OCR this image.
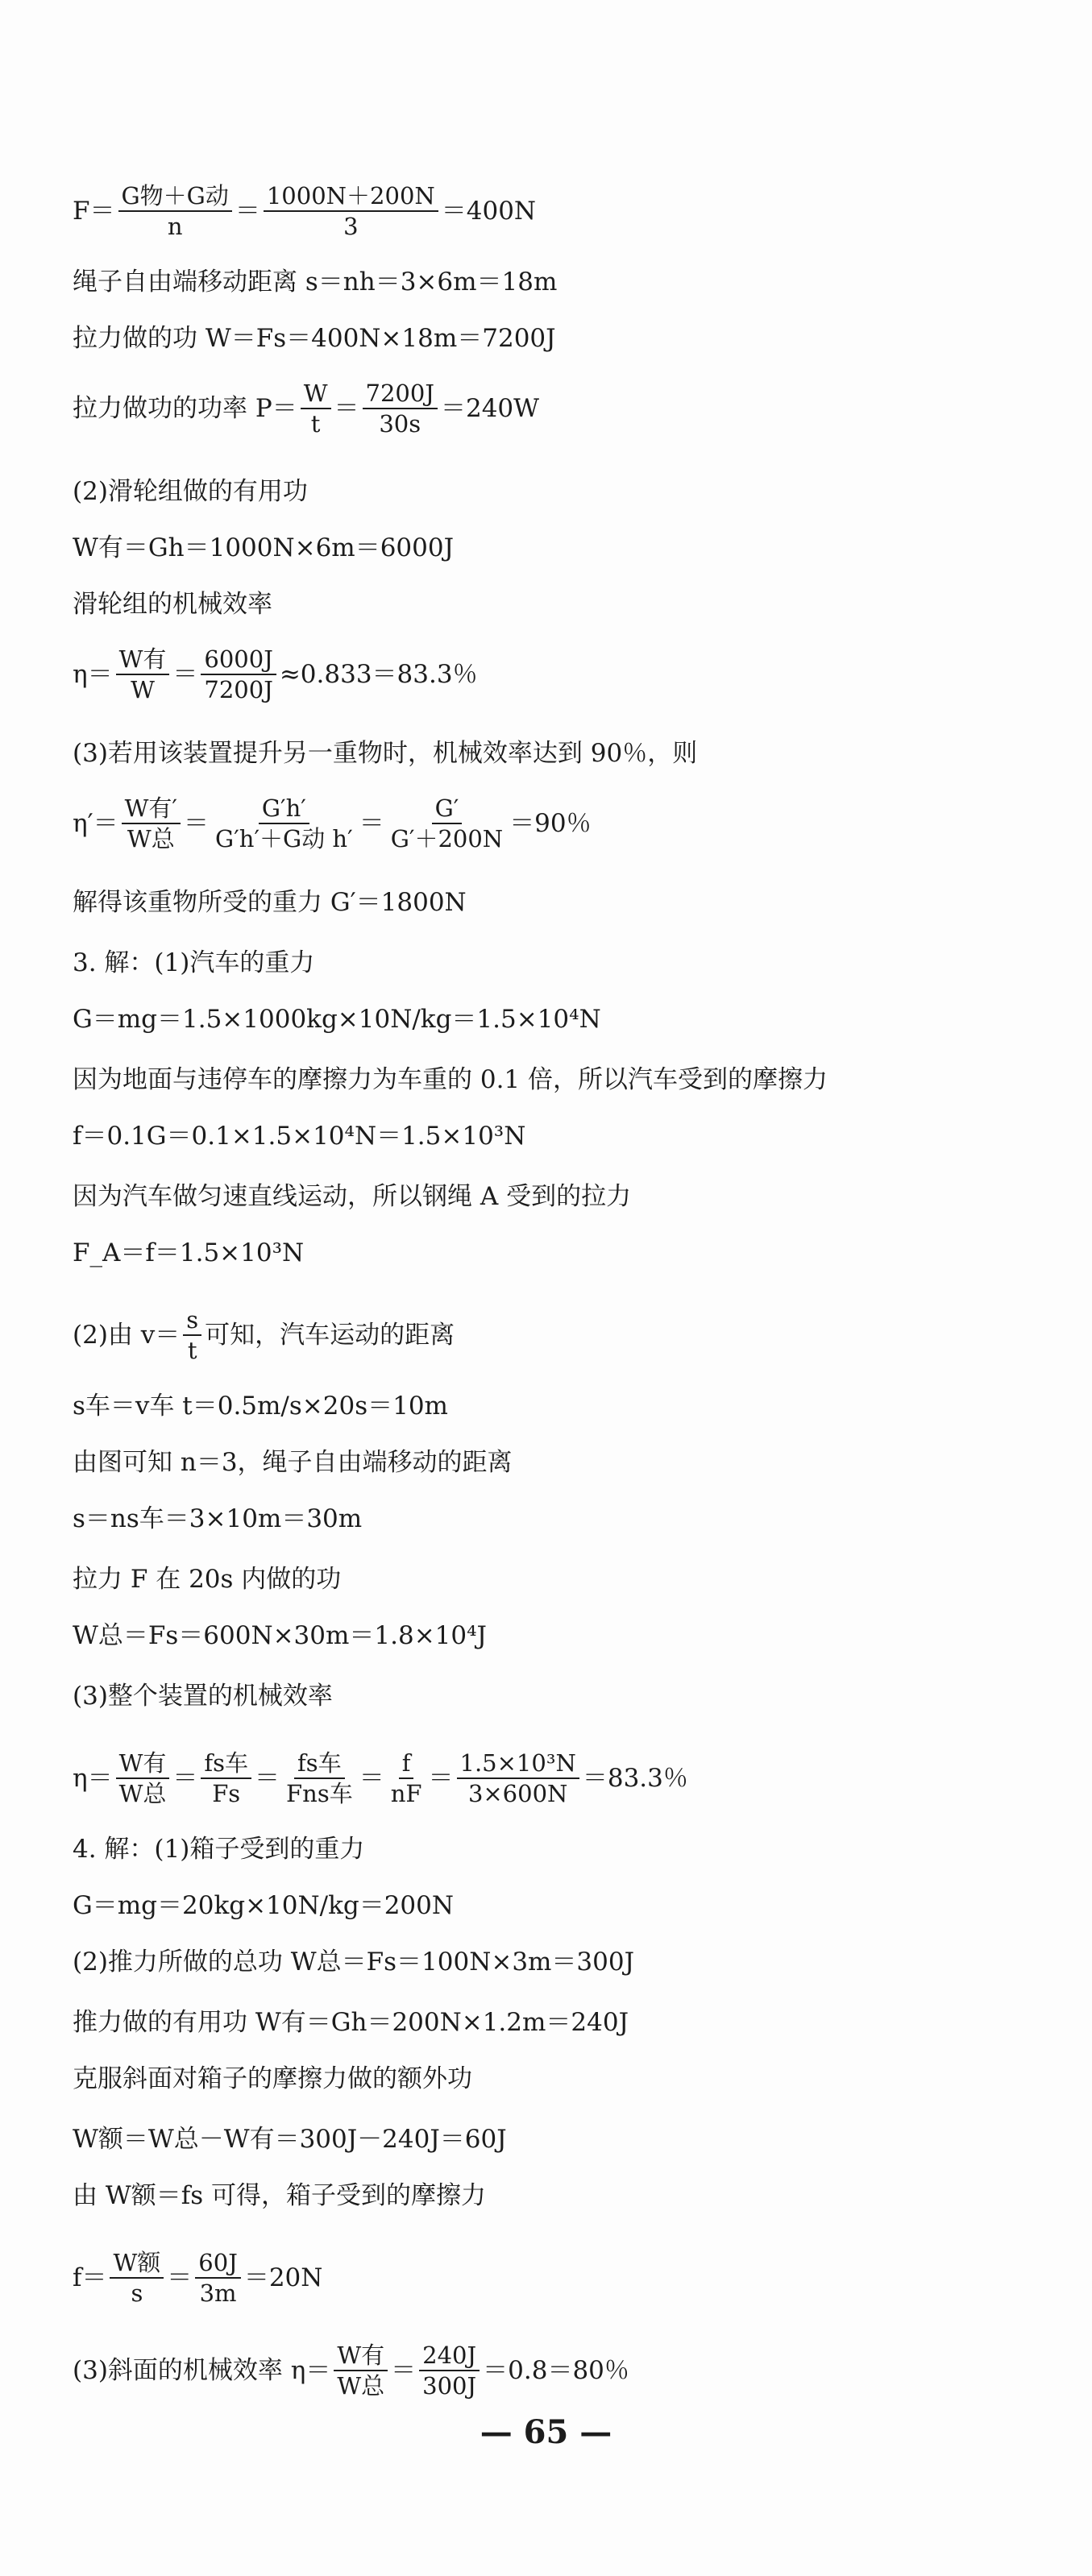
$F= \frac{\text{G物＋G动}}{n} = \frac{1000N+200N}{3} =400N$
绳子自由端移动距离 s＝nh＝3×6m＝18m
拉力做的功 W＝Fs＝400N×18m＝7200J
拉力做功的功率 $P= \frac{W}{t} = \frac{7200J}{30s} =240W$
(2)滑轮组做的有用功
W有＝Gh＝1000N×6m＝6000J
滑轮组的机械效率
$\eta= \frac{\text{W有}}{W} = \frac{6000J}{7200J} \approx 0.833=83.3$％
(3)若用该装置提升另一重物时，机械效率达到 90％，则
$\eta'= \frac{\text{W有′}}{\text{W总}} = \frac{G'h'}{\text{G′h′＋G动 h′}} = \frac{G'}{G'+200N} =90$％
解得该重物所受的重力 G′＝1800N
3. 解：(1)汽车的重力
G＝mg＝1.5×1000kg×10N/kg＝1.5×10⁴N
因为地面与违停车的摩擦力为车重的 0.1 倍，所以汽车受到的摩擦力
f＝0.1G＝0.1×1.5×10⁴N＝1.5×10³N
因为汽车做匀速直线运动，所以钢绳 A 受到的拉力
F_A＝f＝1.5×10³N
(2)由 $v= \frac{s}{t}$ 可知，汽车运动的距离
s车＝v车 t＝0.5m/s×20s＝10m
由图可知 n＝3，绳子自由端移动的距离
s＝ns车＝3×10m＝30m
拉力 F 在 20s 内做的功
W总＝Fs＝600N×30m＝1.8×10⁴J
(3)整个装置的机械效率
$\eta= \frac{\text{W有}}{\text{W总}} = \frac{\text{fs车}}{Fs} = \frac{\text{fs车}}{\text{Fns车}} = \frac{f}{nF} = \frac{\text{1.5×10³N}}{3\times 600N} =83.3$％
4. 解：(1)箱子受到的重力
G＝mg＝20kg×10N/kg＝200N
(2)推力所做的总功 W总＝Fs＝100N×3m＝300J
推力做的有用功 W有＝Gh＝200N×1.2m＝240J
克服斜面对箱子的摩擦力做的额外功
W额＝W总－W有＝300J－240J＝60J
由 W额＝fs 可得，箱子受到的摩擦力
$f= \frac{\text{W额}}{s} = \frac{60J}{3m} =20N$
(3)斜面的机械效率 $\eta= \frac{\text{W有}}{\text{W总}} = \frac{240J}{300J} =0.8=80$％
— 65 —
